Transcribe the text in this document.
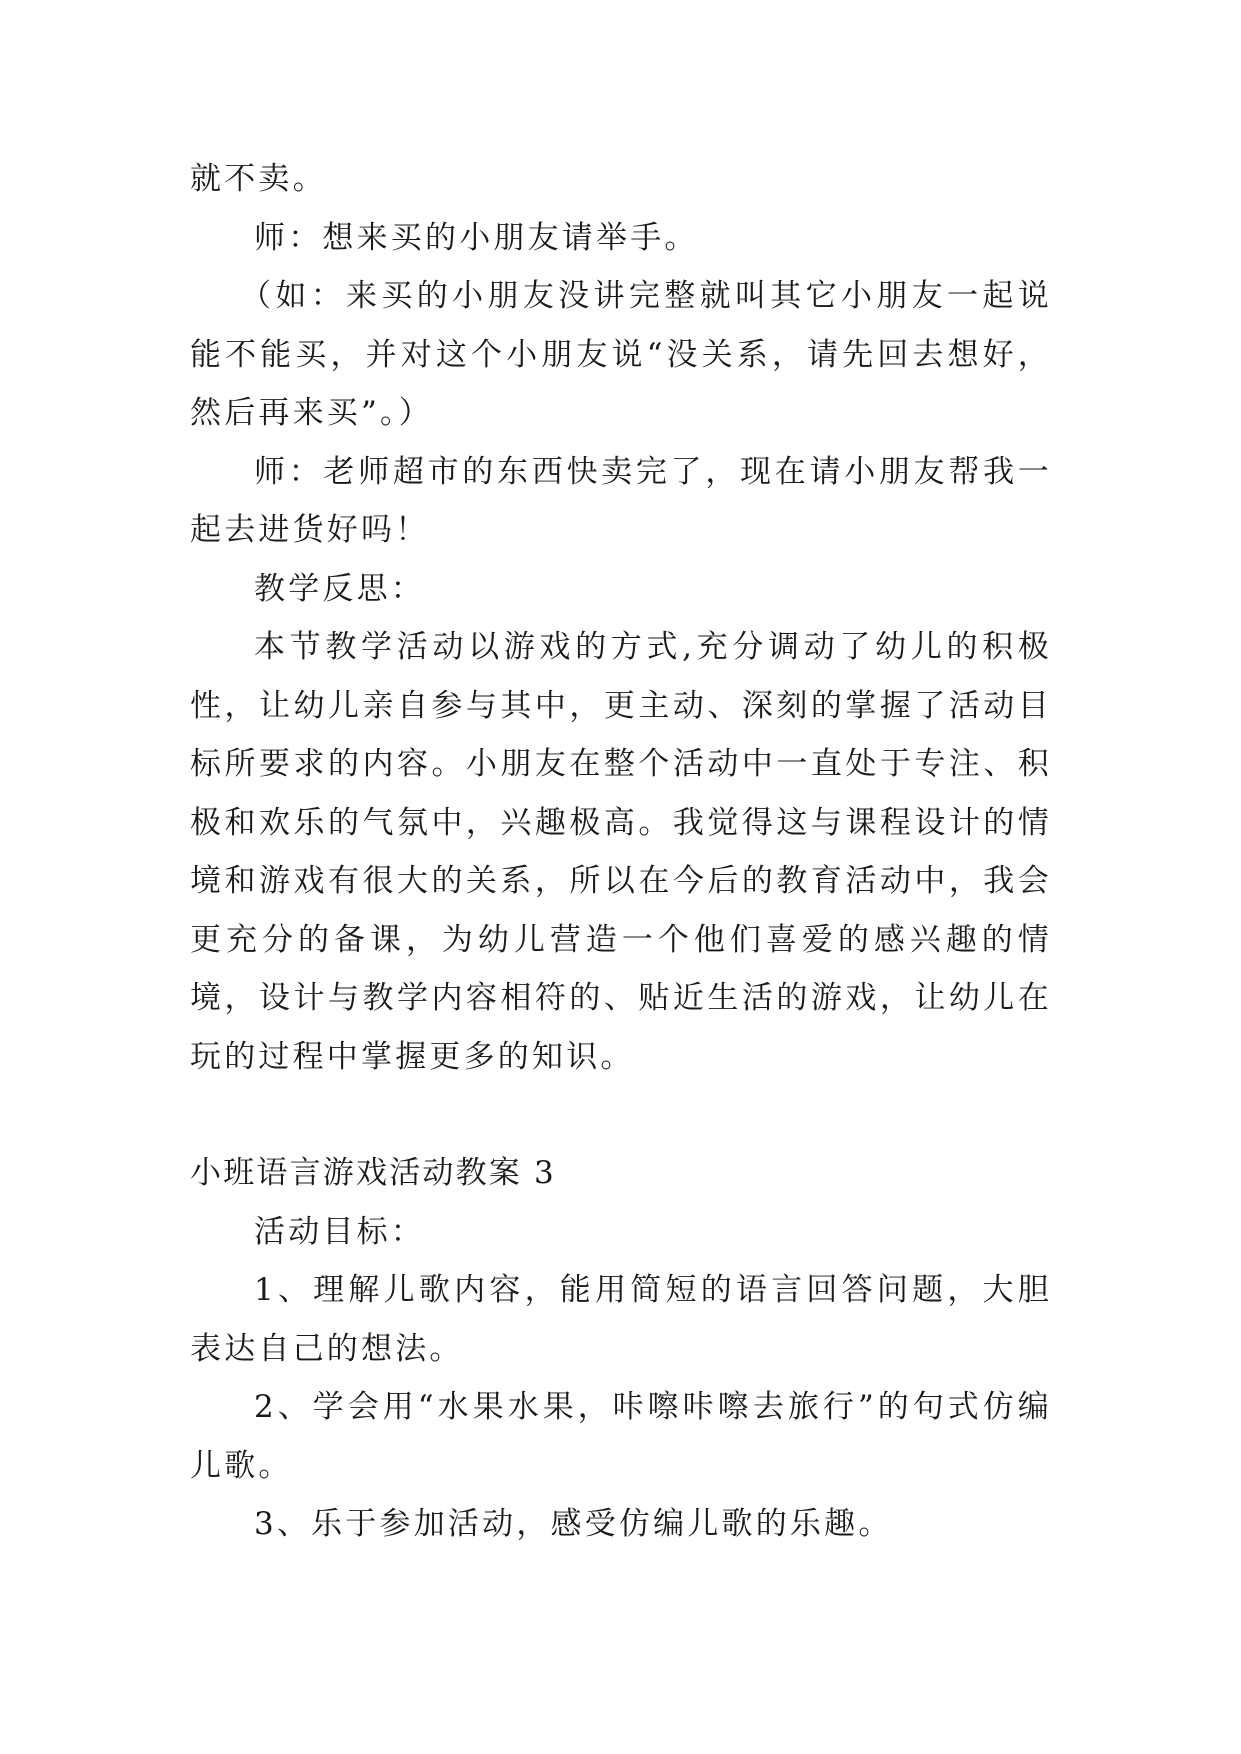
就不卖。

师：想来买的小朋友请举手。

（如：来买的小朋友没讲完整就叫其它小朋友一起说能不能买，并对这个小朋友说“没关系，请先回去想好，然后再来买”。）

师：老师超市的东西快卖完了，现在请小朋友帮我一起去进货好吗！

教学反思：

本节教学活动以游戏的方式,充分调动了幼儿的积极性，让幼儿亲自参与其中，更主动、深刻的掌握了活动目标所要求的内容。小朋友在整个活动中一直处于专注、积极和欢乐的气氛中，兴趣极高。我觉得这与课程设计的情境和游戏有很大的关系，所以在今后的教育活动中，我会更充分的备课，为幼儿营造一个他们喜爱的感兴趣的情境，设计与教学内容相符的、贴近生活的游戏，让幼儿在玩的过程中掌握更多的知识。

小班语言游戏活动教案 3

活动目标：

1、理解儿歌内容，能用简短的语言回答问题，大胆表达自己的想法。

2、学会用“水果水果，咔嚓咔嚓去旅行”的句式仿编儿歌。

3、乐于参加活动，感受仿编儿歌的乐趣。
